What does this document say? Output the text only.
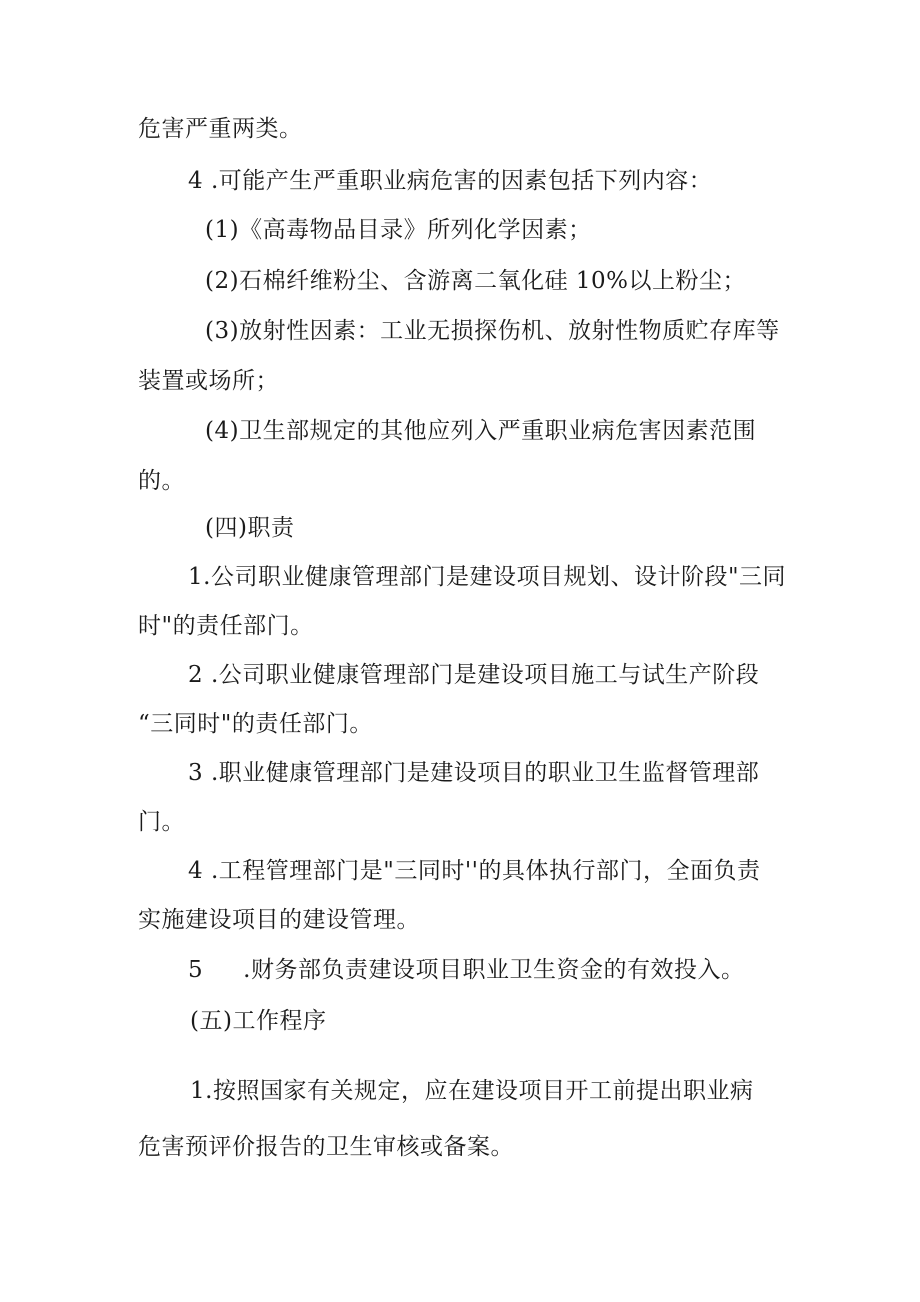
危害严重两类。
4 .可能产生严重职业病危害的因素包括下列内容：
(1)《高毒物品目录》所列化学因素；
(2)石棉纤维粉尘、含游离二氧化硅 10%以上粉尘；
(3)放射性因素：工业无损探伤机、放射性物质贮存库等
装置或场所；
(4)卫生部规定的其他应列入严重职业病危害因素范围
的。
(四)职责
1.公司职业健康管理部门是建设项目规划、设计阶段"三同
时"的责任部门。
2 .公司职业健康管理部门是建设项目施工与试生产阶段
“三同时"的责任部门。
3 .职业健康管理部门是建设项目的职业卫生监督管理部
门。
4 .工程管理部门是"三同时''的具体执行部门，全面负责
实施建设项目的建设管理。
5 .财务部负责建设项目职业卫生资金的有效投入。
(五)工作程序
1.按照国家有关规定，应在建设项目开工前提出职业病
危害预评价报告的卫生审核或备案。
